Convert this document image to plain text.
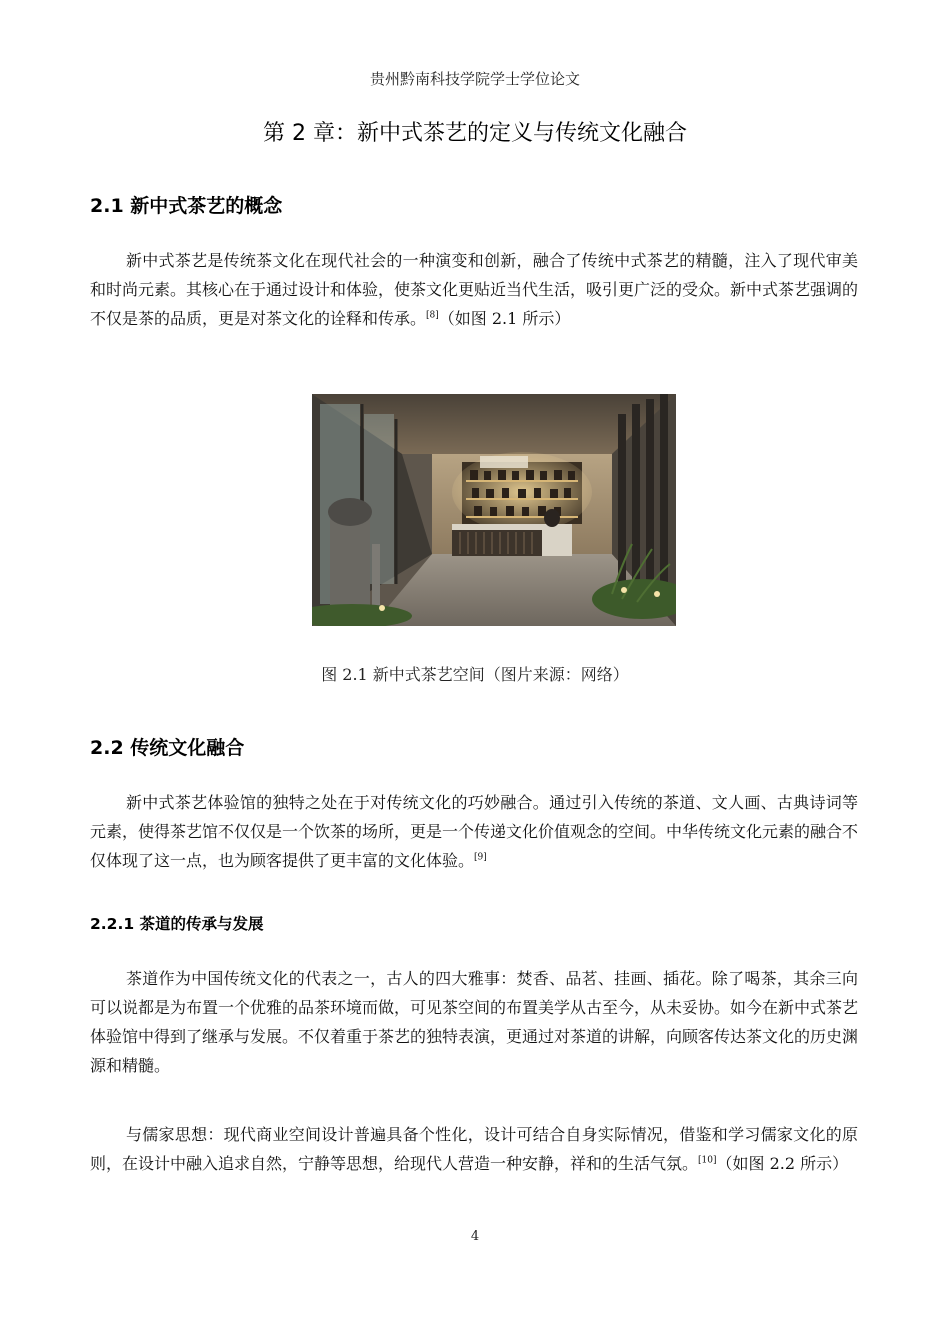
贵州黔南科技学院学士学位论文
第 2 章：新中式茶艺的定义与传统文化融合
2.1 新中式茶艺的概念

新中式茶艺是传统茶文化在现代社会的一种演变和创新，融合了传统中式茶艺的精髓，注入了现代审美和时尚元素。其核心在于通过设计和体验，使茶文化更贴近当代生活，吸引更广泛的受众。新中式茶艺强调的不仅是茶的品质，更是对茶文化的诠释和传承。[8]（如图 2.1 所示）

图 2.1 新中式茶艺空间（图片来源：网络）
2.2 传统文化融合

新中式茶艺体验馆的独特之处在于对传统文化的巧妙融合。通过引入传统的茶道、文人画、古典诗词等元素，使得茶艺馆不仅仅是一个饮茶的场所，更是一个传递文化价值观念的空间。中华传统文化元素的融合不仅体现了这一点，也为顾客提供了更丰富的文化体验。[9]

2.2.1 茶道的传承与发展

茶道作为中国传统文化的代表之一，古人的四大雅事：焚香、品茗、挂画、插花。除了喝茶，其余三向可以说都是为布置一个优雅的品茶环境而做，可见茶空间的布置美学从古至今，从未妥协。如今在新中式茶艺体验馆中得到了继承与发展。不仅着重于茶艺的独特表演，更通过对茶道的讲解，向顾客传达茶文化的历史渊源和精髓。

与儒家思想：现代商业空间设计普遍具备个性化，设计可结合自身实际情况，借鉴和学习儒家文化的原则，在设计中融入追求自然，宁静等思想，给现代人营造一种安静，祥和的生活气氛。[10]（如图 2.2 所示）

4
